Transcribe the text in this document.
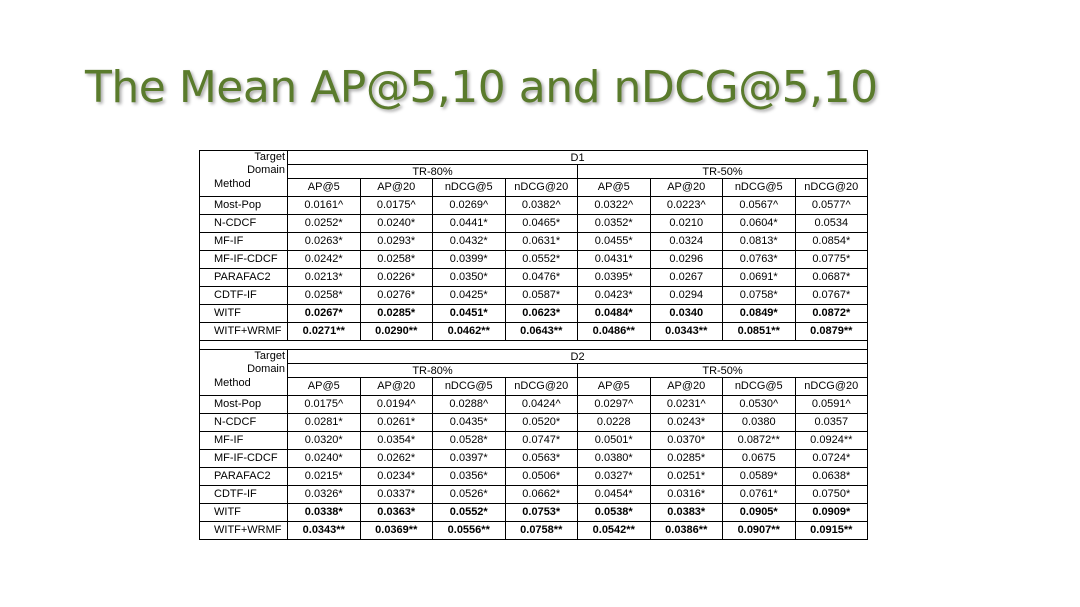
The Mean AP@5,10 and nDCG@5,10
Target
Domain
Method	D1							
	TR-80%				TR-50%			
	AP@5	AP@20	nDCG@5	nDCG@20	AP@5	AP@20	nDCG@5	nDCG@20
Most-Pop	0.0161^	0.0175^	0.0269^	0.0382^	0.0322^	0.0223^	0.0567^	0.0577^
N-CDCF	0.0252*	0.0240*	0.0441*	0.0465*	0.0352*	0.0210	0.0604*	0.0534
MF-IF	0.0263*	0.0293*	0.0432*	0.0631*	0.0455*	0.0324	0.0813*	0.0854*
MF-IF-CDCF	0.0242*	0.0258*	0.0399*	0.0552*	0.0431*	0.0296	0.0763*	0.0775*
PARAFAC2	0.0213*	0.0226*	0.0350*	0.0476*	0.0395*	0.0267	0.0691*	0.0687*
CDTF-IF	0.0258*	0.0276*	0.0425*	0.0587*	0.0423*	0.0294	0.0758*	0.0767*
WITF	0.0267*	0.0285*	0.0451*	0.0623*	0.0484*	0.0340	0.0849*	0.0872*
WITF+WRMF	0.0271**	0.0290**	0.0462**	0.0643**	0.0486**	0.0343**	0.0851**	0.0879**

Target
Domain
Method	D2							
	TR-80%				TR-50%			
	AP@5	AP@20	nDCG@5	nDCG@20	AP@5	AP@20	nDCG@5	nDCG@20
Most-Pop	0.0175^	0.0194^	0.0288^	0.0424^	0.0297^	0.0231^	0.0530^	0.0591^
N-CDCF	0.0281*	0.0261*	0.0435*	0.0520*	0.0228	0.0243*	0.0380	0.0357
MF-IF	0.0320*	0.0354*	0.0528*	0.0747*	0.0501*	0.0370*	0.0872**	0.0924**
MF-IF-CDCF	0.0240*	0.0262*	0.0397*	0.0563*	0.0380*	0.0285*	0.0675	0.0724*
PARAFAC2	0.0215*	0.0234*	0.0356*	0.0506*	0.0327*	0.0251*	0.0589*	0.0638*
CDTF-IF	0.0326*	0.0337*	0.0526*	0.0662*	0.0454*	0.0316*	0.0761*	0.0750*
WITF	0.0338*	0.0363*	0.0552*	0.0753*	0.0538*	0.0383*	0.0905*	0.0909*
WITF+WRMF	0.0343**	0.0369**	0.0556**	0.0758**	0.0542**	0.0386**	0.0907**	0.0915**
